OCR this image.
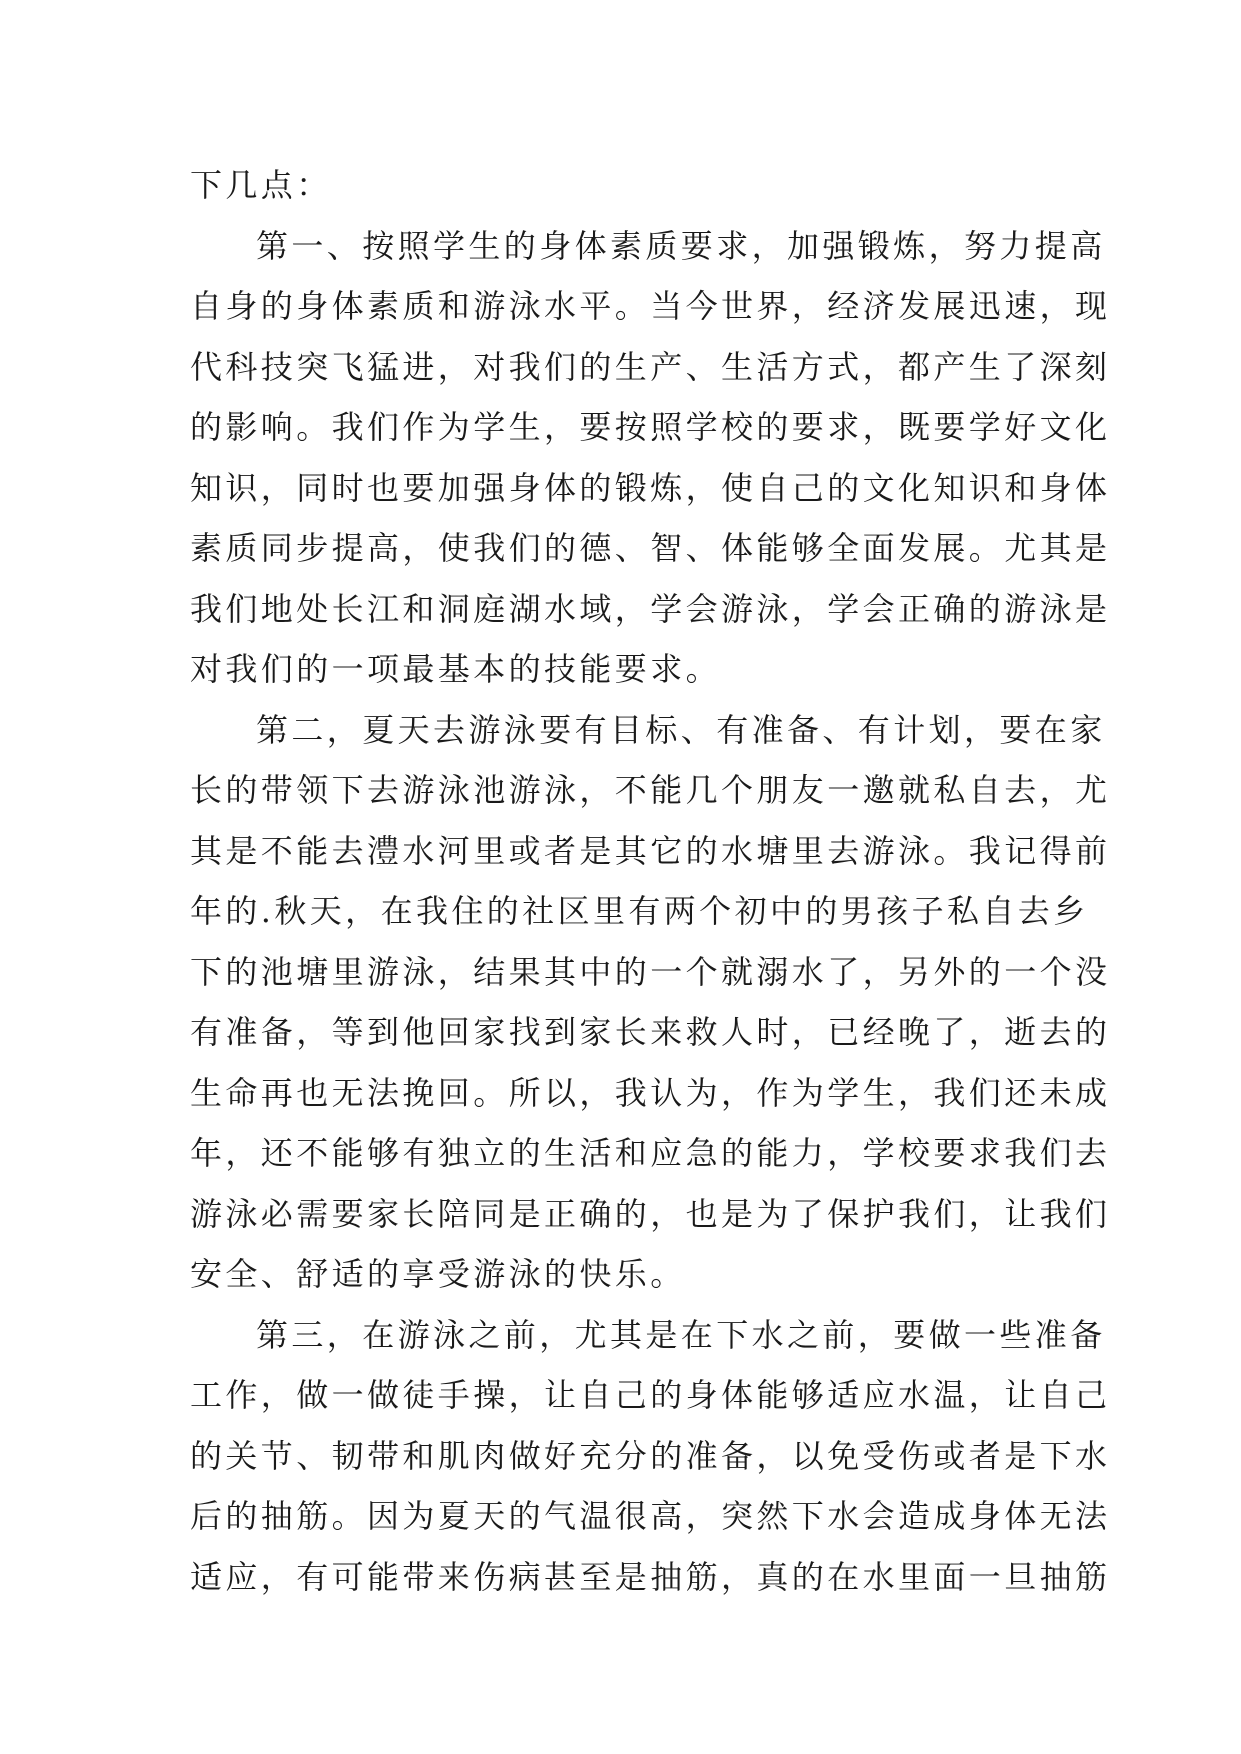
下几点：
第一、按照学生的身体素质要求，加强锻炼，努力提高
自身的身体素质和游泳水平。当今世界，经济发展迅速，现
代科技突飞猛进，对我们的生产、生活方式，都产生了深刻
的影响。我们作为学生，要按照学校的要求，既要学好文化
知识，同时也要加强身体的锻炼，使自己的文化知识和身体
素质同步提高，使我们的德、智、体能够全面发展。尤其是
我们地处长江和洞庭湖水域，学会游泳，学会正确的游泳是
对我们的一项最基本的技能要求。
第二，夏天去游泳要有目标、有准备、有计划，要在家
长的带领下去游泳池游泳，不能几个朋友一邀就私自去，尤
其是不能去澧水河里或者是其它的水塘里去游泳。我记得前
年的.秋天，在我住的社区里有两个初中的男孩子私自去乡
下的池塘里游泳，结果其中的一个就溺水了，另外的一个没
有准备，等到他回家找到家长来救人时，已经晚了，逝去的
生命再也无法挽回。所以，我认为，作为学生，我们还未成
年，还不能够有独立的生活和应急的能力，学校要求我们去
游泳必需要家长陪同是正确的，也是为了保护我们，让我们
安全、舒适的享受游泳的快乐。
第三，在游泳之前，尤其是在下水之前，要做一些准备
工作，做一做徒手操，让自己的身体能够适应水温，让自己
的关节、韧带和肌肉做好充分的准备，以免受伤或者是下水
后的抽筋。因为夏天的气温很高，突然下水会造成身体无法
适应，有可能带来伤病甚至是抽筋，真的在水里面一旦抽筋
